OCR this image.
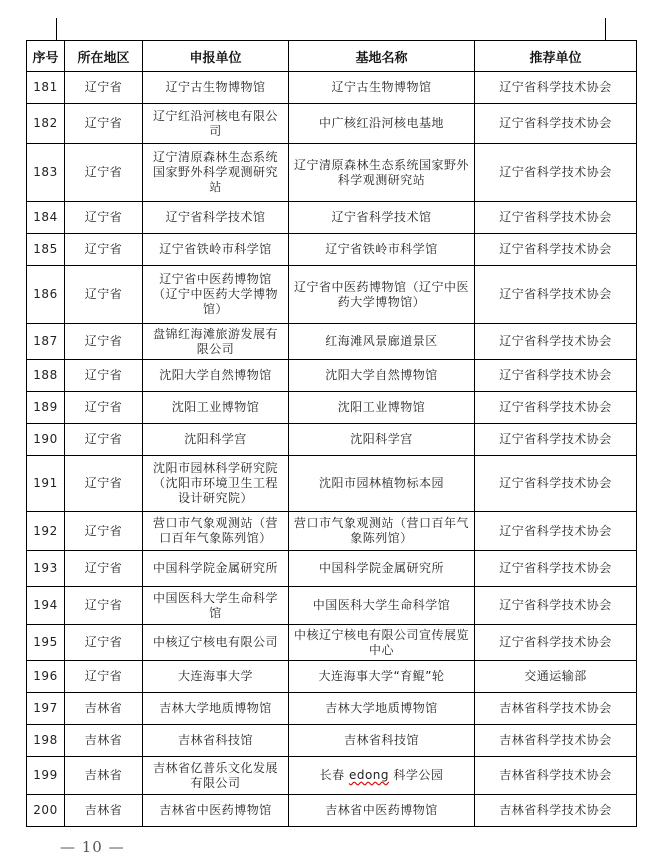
序号	所在地区	申报单位	基地名称	推荐单位
181	辽宁省	辽宁古生物博物馆	辽宁古生物博物馆	辽宁省科学技术协会
182	辽宁省	辽宁红沿河核电有限公司	中广核红沿河核电基地	辽宁省科学技术协会
183	辽宁省	辽宁清原森林生态系统国家野外科学观测研究站	辽宁清原森林生态系统国家野外科学观测研究站	辽宁省科学技术协会
184	辽宁省	辽宁省科学技术馆	辽宁省科学技术馆	辽宁省科学技术协会
185	辽宁省	辽宁省铁岭市科学馆	辽宁省铁岭市科学馆	辽宁省科学技术协会
186	辽宁省	辽宁省中医药博物馆（辽宁中医药大学博物馆）	辽宁省中医药博物馆（辽宁中医药大学博物馆）	辽宁省科学技术协会
187	辽宁省	盘锦红海滩旅游发展有限公司	红海滩风景廊道景区	辽宁省科学技术协会
188	辽宁省	沈阳大学自然博物馆	沈阳大学自然博物馆	辽宁省科学技术协会
189	辽宁省	沈阳工业博物馆	沈阳工业博物馆	辽宁省科学技术协会
190	辽宁省	沈阳科学宫	沈阳科学宫	辽宁省科学技术协会
191	辽宁省	沈阳市园林科学研究院（沈阳市环境卫生工程设计研究院）	沈阳市园林植物标本园	辽宁省科学技术协会
192	辽宁省	营口市气象观测站（营口百年气象陈列馆）	营口市气象观测站（营口百年气象陈列馆）	辽宁省科学技术协会
193	辽宁省	中国科学院金属研究所	中国科学院金属研究所	辽宁省科学技术协会
194	辽宁省	中国医科大学生命科学馆	中国医科大学生命科学馆	辽宁省科学技术协会
195	辽宁省	中核辽宁核电有限公司	中核辽宁核电有限公司宣传展览中心	辽宁省科学技术协会
196	辽宁省	大连海事大学	大连海事大学“育鲲”轮	交通运输部
197	吉林省	吉林大学地质博物馆	吉林大学地质博物馆	吉林省科学技术协会
198	吉林省	吉林省科技馆	吉林省科技馆	吉林省科学技术协会
199	吉林省	吉林省亿普乐文化发展有限公司	长春 edong 科学公园	吉林省科学技术协会
200	吉林省	吉林省中医药博物馆	吉林省中医药博物馆	吉林省科学技术协会
— 10 —
